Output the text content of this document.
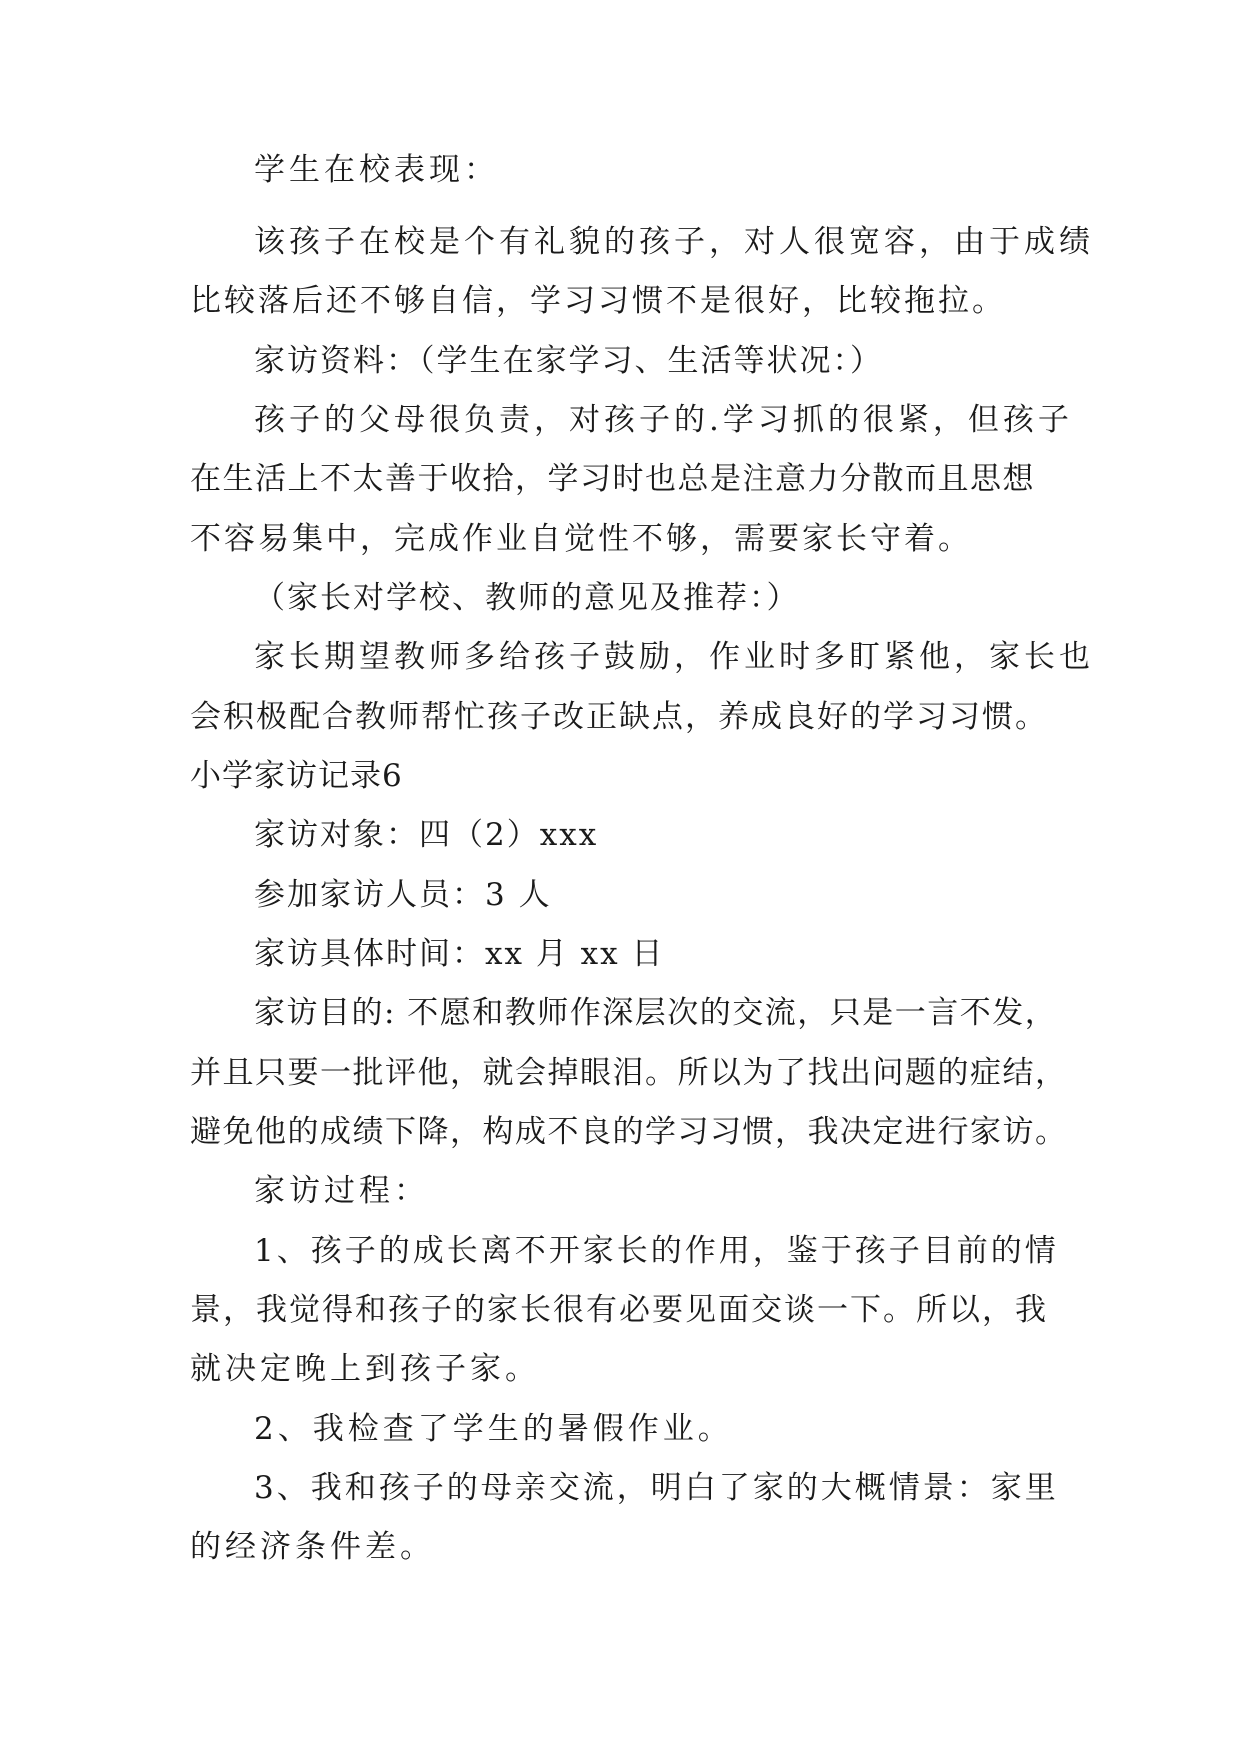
学生在校表现：
该孩子在校是个有礼貌的孩子，对人很宽容，由于成绩
比较落后还不够自信，学习习惯不是很好，比较拖拉。
家访资料：（学生在家学习、生活等状况：）
孩子的父母很负责，对孩子的.学习抓的很紧，但孩子
在生活上不太善于收拾，学习时也总是注意力分散而且思想
不容易集中，完成作业自觉性不够，需要家长守着。
（家长对学校、教师的意见及推荐：）
家长期望教师多给孩子鼓励，作业时多盯紧他，家长也
会积极配合教师帮忙孩子改正缺点，养成良好的学习习惯。
小学家访记录6
家访对象：四（2）xxx
参加家访人员：3 人
家访具体时间：xx 月 xx 日
家访目的: 不愿和教师作深层次的交流，只是一言不发，
并且只要一批评他，就会掉眼泪。所以为了找出问题的症结，
避免他的成绩下降，构成不良的学习习惯，我决定进行家访。
家访过程：
1、孩子的成长离不开家长的作用，鉴于孩子目前的情
景，我觉得和孩子的家长很有必要见面交谈一下。所以，我
就决定晚上到孩子家。
2、我检查了学生的暑假作业。
3、我和孩子的母亲交流，明白了家的大概情景：家里
的经济条件差。
